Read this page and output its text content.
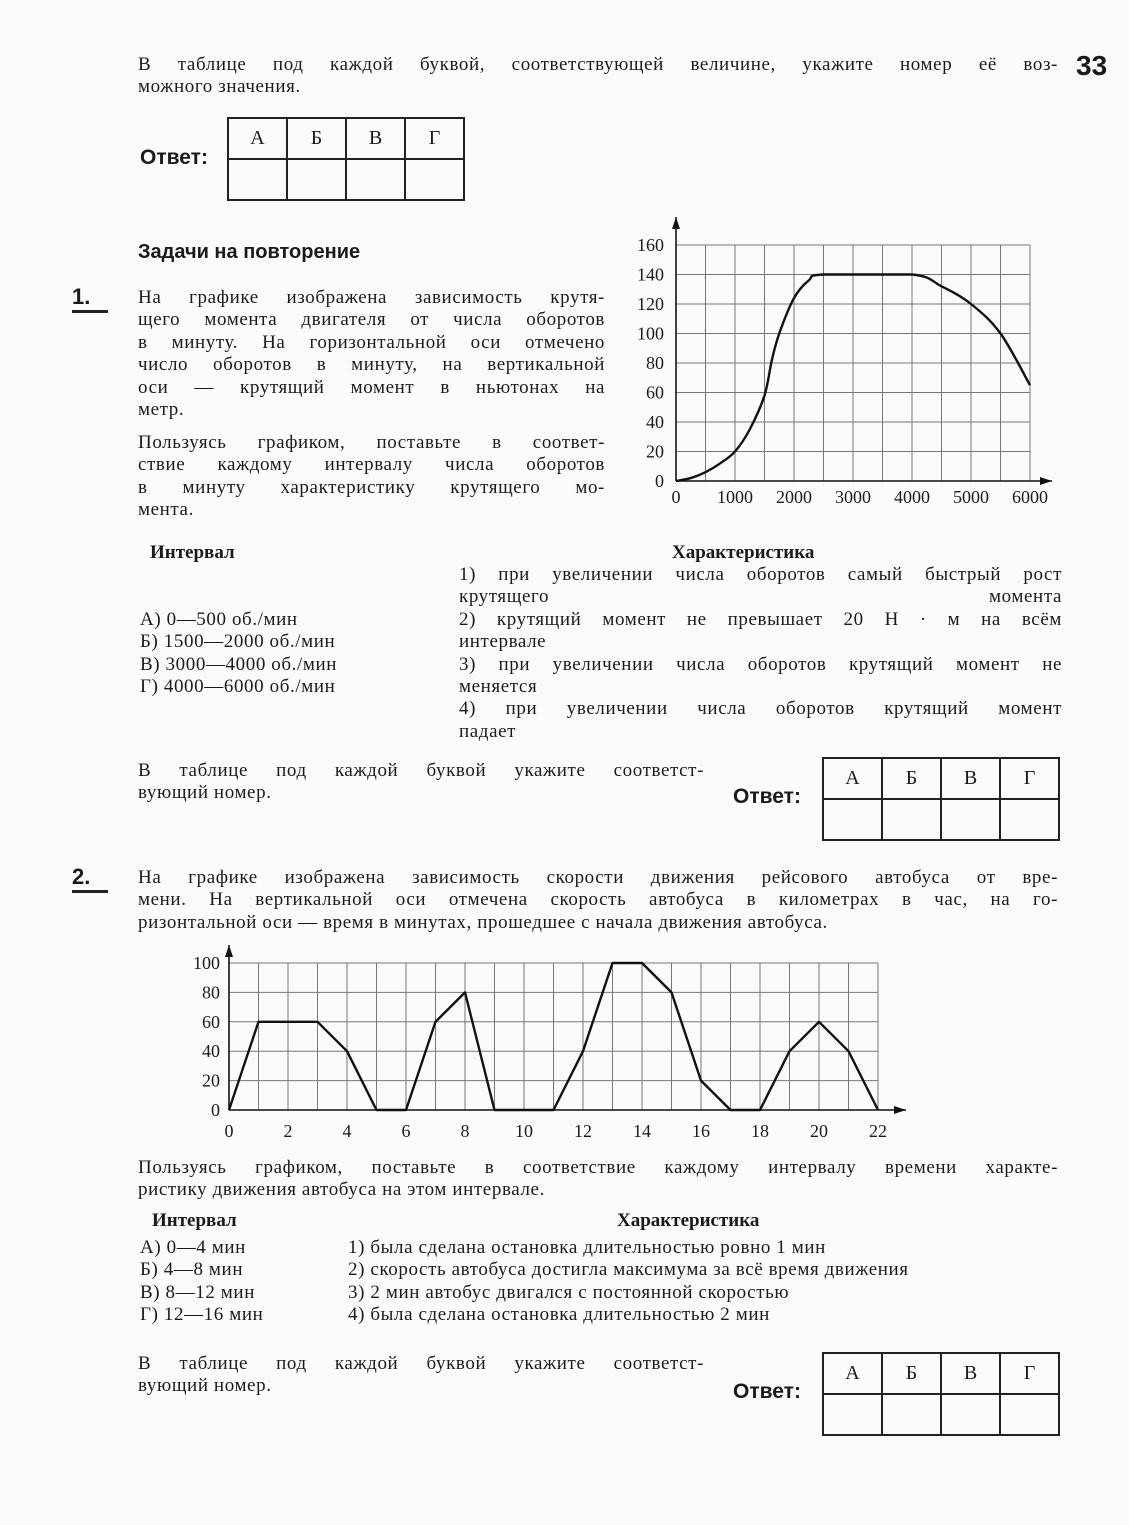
33
В таблице под каждой буквой, соответствующей величине, укажите номер её воз-
можного значения.
Ответ:
А	Б	В	Г

Задачи на повторение
1.	На графике изображена зависимость крутя-
щего момента двигателя от числа оборотов
в минуту. На горизонтальной оси отмечено
число оборотов в минуту, на вертикальной
оси — крутящий момент в ньютонах на
метр.
Пользуясь графиком, поставьте в соответ-
ствие каждому интервалу числа оборотов
в минуту характеристику крутящего мо-
мента.
0 1000 2000 3000 4000 5000 6000
0
20
40
60
80
100
120
140
160
Интервал	Характеристика
А) 0—500 об./мин
Б) 1500—2000 об./мин
В) 3000—4000 об./мин
Г) 4000—6000 об./мин
1) при увеличении числа оборотов самый быстрый рост
крутящего момента
2) крутящий момент не превышает 20 Н · м на всём
интервале
3) при увеличении числа оборотов крутящий момент не
меняется
4) при увеличении числа оборотов крутящий момент
падает
В таблице под каждой буквой укажите соответст-
вующий номер.	Ответ:
А	Б	В	Г

2.	На графике изображена зависимость скорости движения рейсового автобуса от вре-
мени. На вертикальной оси отмечена скорость автобуса в километрах в час, на го-
ризонтальной оси — время в минутах, прошедшее с начала движения автобуса.
0	2	4	6	8	10 12 14 16 18 20 22
0
20
40
60
80
100
Пользуясь графиком, поставьте в соответствие каждому интервалу времени характе-
ристику движения автобуса на этом интервале.
Интервал	Характеристика
А) 0—4 мин
Б) 4—8 мин
В) 8—12 мин
Г) 12—16 мин
1) была сделана остановка длительностью ровно 1 мин
2) скорость автобуса достигла максимума за всё время движения
3) 2 мин автобус двигался с постоянной скоростью
4) была сделана остановка длительностью 2 мин
В таблице под каждой буквой укажите соответст-
вующий номер.	Ответ:
А	Б	В	Г
